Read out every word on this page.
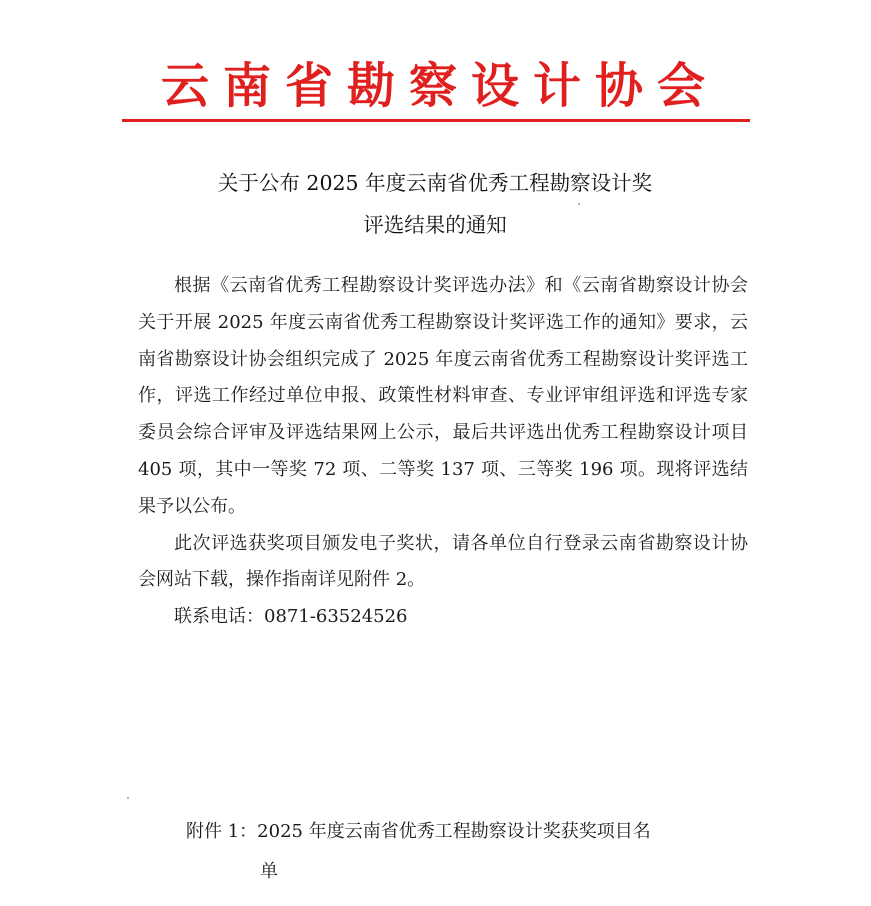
云南省勘察设计协会
关于公布 2025 年度云南省优秀工程勘察设计奖
评选结果的通知

根据《云南省优秀工程勘察设计奖评选办法》和《云南省勘察设计协会关于开展 2025 年度云南省优秀工程勘察设计奖评选工作的通知》要求，云南省勘察设计协会组织完成了 2025 年度云南省优秀工程勘察设计奖评选工作，评选工作经过单位申报、政策性材料审查、专业评审组评选和评选专家委员会综合评审及评选结果网上公示，最后共评选出优秀工程勘察设计项目 405 项，其中一等奖 72 项、二等奖 137 项、三等奖 196 项。现将评选结果予以公布。

此次评选获奖项目颁发电子奖状，请各单位自行登录云南省勘察设计协会网站下载，操作指南详见附件 2。

联系电话：0871-63524526

附件 1：2025 年度云南省优秀工程勘察设计奖获奖项目名
单
